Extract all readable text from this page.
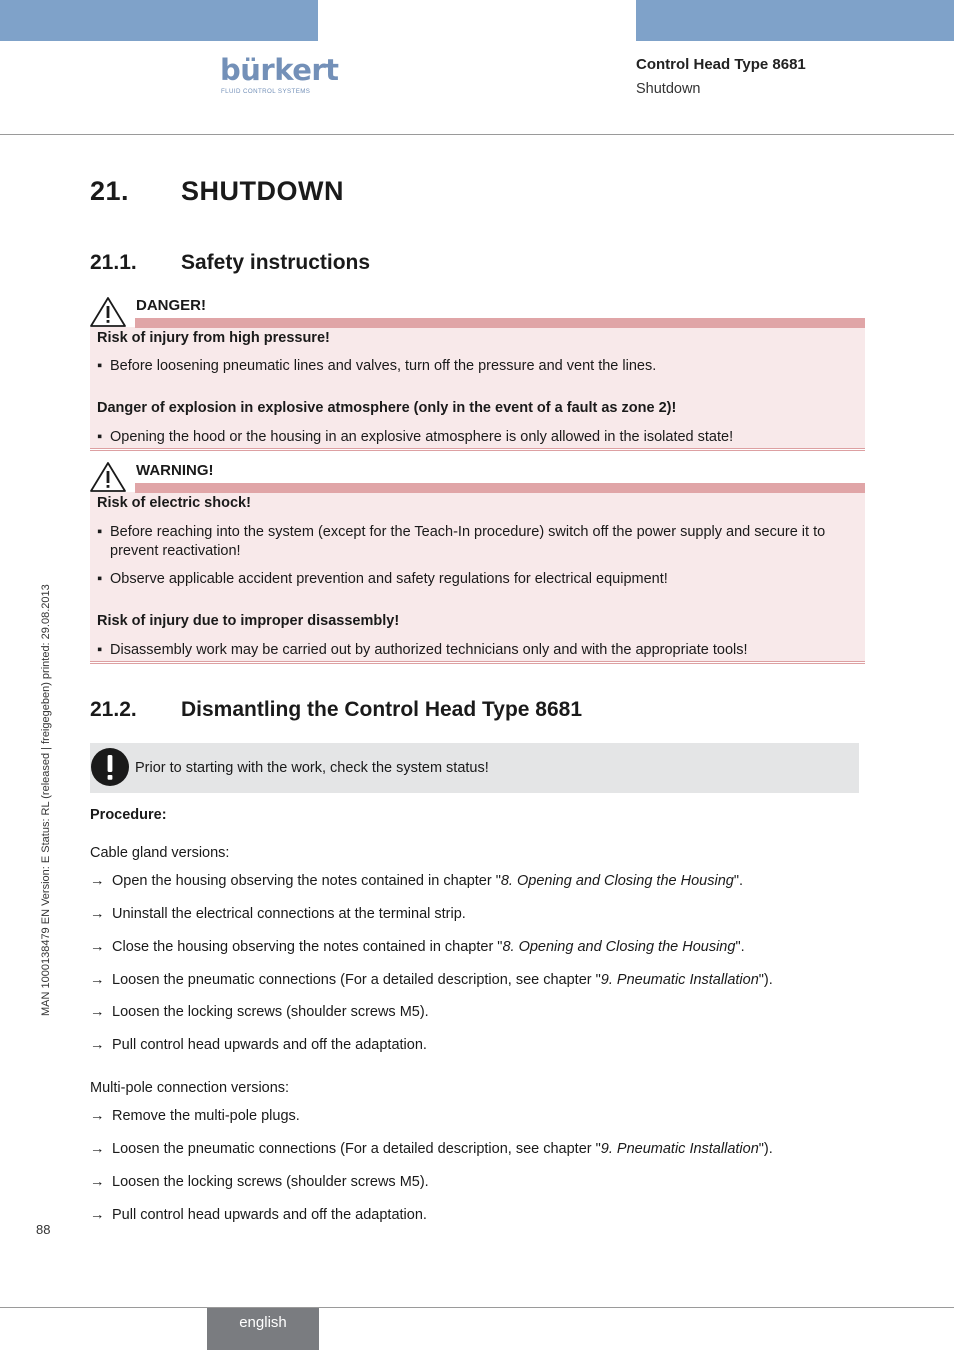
bürkert
FLUID CONTROL SYSTEMS
Control Head Type 8681
Shutdown
MAN 1000138479 EN Version: E Status: RL (released | freigegeben) printed: 29.08.2013
88
21. SHUTDOWN
21.1. Safety instructions
DANGER!
Risk of injury from high pressure!
▪ Before loosening pneumatic lines and valves, turn off the pressure and vent the lines.
Danger of explosion in explosive atmosphere (only in the event of a fault as zone 2)!
▪ Opening the hood or the housing in an explosive atmosphere is only allowed in the isolated state!
WARNING!
Risk of electric shock!
▪ Before reaching into the system (except for the Teach-In procedure) switch off the power supply and secure it to prevent reactivation!
▪ Observe applicable accident prevention and safety regulations for electrical equipment!
Risk of injury due to improper disassembly!
▪ Disassembly work may be carried out by authorized technicians only and with the appropriate tools!
21.2. Dismantling the Control Head Type 8681
Prior to starting with the work, check the system status!
Procedure:
Cable gland versions:
→ Open the housing observing the notes contained in chapter "8. Opening and Closing the Housing".
→ Uninstall the electrical connections at the terminal strip.
→ Close the housing observing the notes contained in chapter "8. Opening and Closing the Housing".
→ Loosen the pneumatic connections (For a detailed description, see chapter "9. Pneumatic Installation").
→ Loosen the locking screws (shoulder screws M5).
→ Pull control head upwards and off the adaptation.
Multi-pole connection versions:
→ Remove the multi-pole plugs.
→ Loosen the pneumatic connections (For a detailed description, see chapter "9. Pneumatic Installation").
→ Loosen the locking screws (shoulder screws M5).
→ Pull control head upwards and off the adaptation.
english
